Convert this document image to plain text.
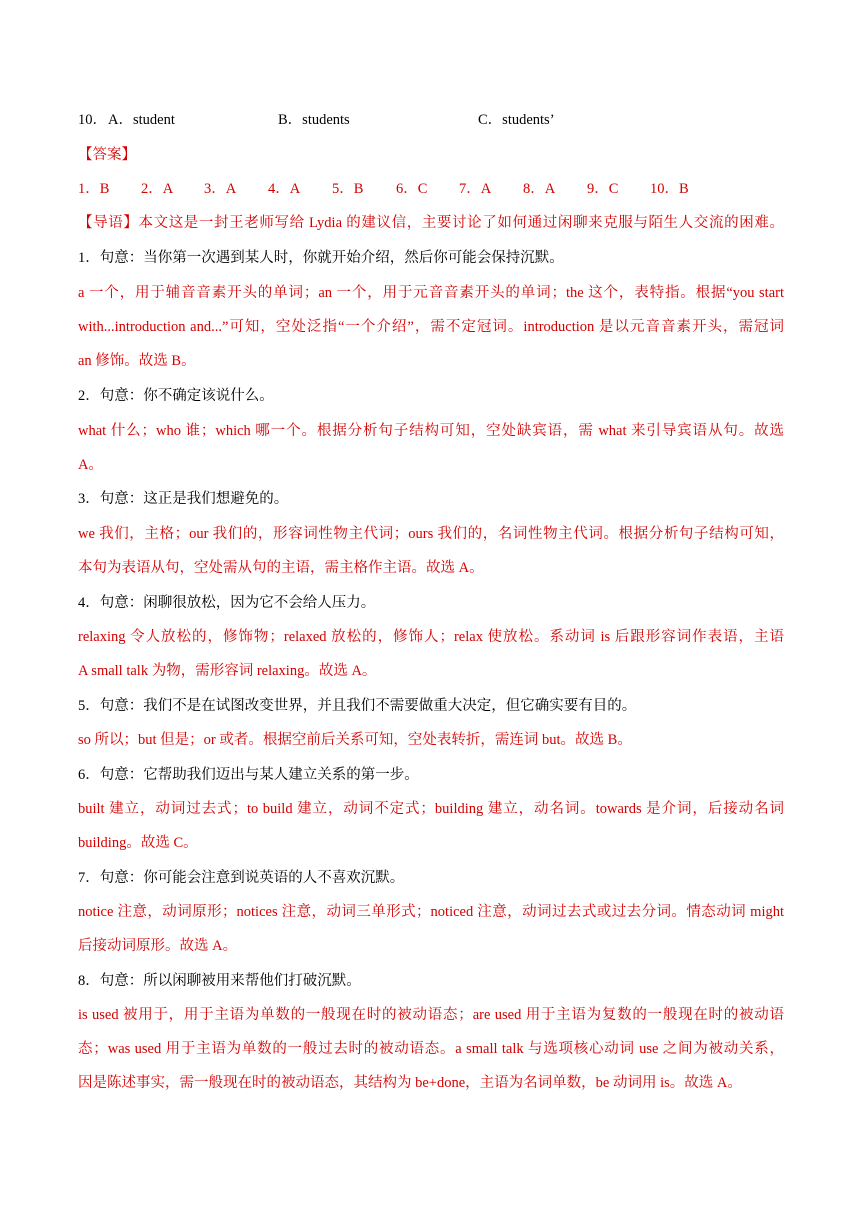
10． A．student	B．students	C．students’
【答案】
1．B 2．A 3．A 4．A 5．B 6．C 7．A 8．A 9．C 10．B
【导语】本文这是一封王老师写给 Lydia 的建议信，主要讨论了如何通过闲聊来克服与陌生人交流的困难。
1．句意：当你第一次遇到某人时，你就开始介绍，然后你可能会保持沉默。
a 一个，用于辅音音素开头的单词；an 一个，用于元音音素开头的单词；the 这个，表特指。根据“you start
with...introduction and...”可知，空处泛指“一个介绍”，需不定冠词。introduction 是以元音音素开头，需冠词
an 修饰。故选 B。
2．句意：你不确定该说什么。
what 什么；who 谁；which 哪一个。根据分析句子结构可知，空处缺宾语，需 what 来引导宾语从句。故选
A。
3．句意：这正是我们想避免的。
we 我们，主格；our 我们的，形容词性物主代词；ours 我们的，名词性物主代词。根据分析句子结构可知，
本句为表语从句，空处需从句的主语，需主格作主语。故选 A。
4．句意：闲聊很放松，因为它不会给人压力。
relaxing 令人放松的，修饰物；relaxed 放松的，修饰人；relax 使放松。系动词 is 后跟形容词作表语，主语
A small talk 为物，需形容词 relaxing。故选 A。
5．句意：我们不是在试图改变世界，并且我们不需要做重大决定，但它确实要有目的。
so 所以；but 但是；or 或者。根据空前后关系可知，空处表转折，需连词 but。故选 B。
6．句意：它帮助我们迈出与某人建立关系的第一步。
built 建立，动词过去式；to build 建立，动词不定式；building 建立，动名词。towards 是介词，后接动名词
building。故选 C。
7．句意：你可能会注意到说英语的人不喜欢沉默。
notice 注意，动词原形；notices 注意，动词三单形式；noticed 注意，动词过去式或过去分词。情态动词 might
后接动词原形。故选 A。
8．句意：所以闲聊被用来帮他们打破沉默。
is used 被用于，用于主语为单数的一般现在时的被动语态；are used 用于主语为复数的一般现在时的被动语
态；was used 用于主语为单数的一般过去时的被动语态。a small talk 与选项核心动词 use 之间为被动关系，
因是陈述事实，需一般现在时的被动语态，其结构为 be+done，主语为名词单数，be 动词用 is。故选 A。
